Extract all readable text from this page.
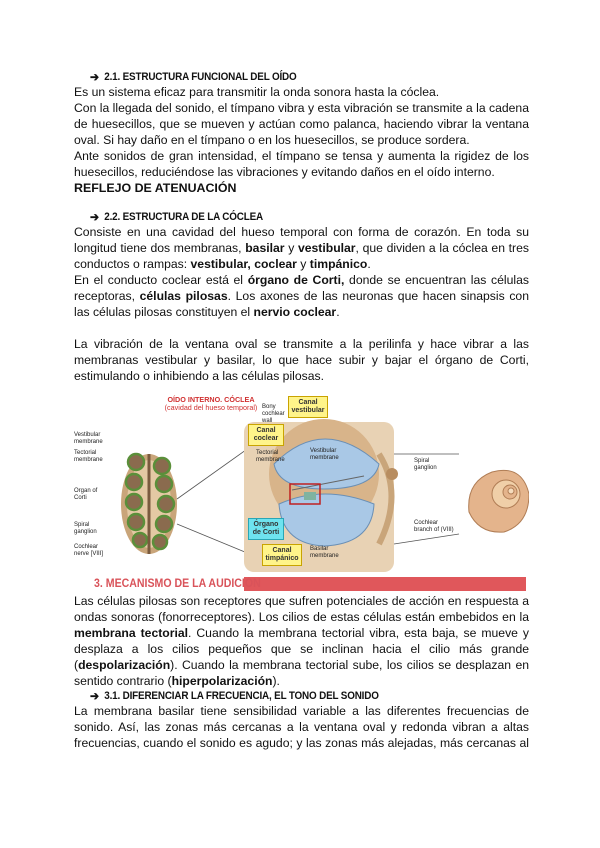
➔ 2.1. ESTRUCTURA FUNCIONAL DEL OÍDO

Es un sistema eficaz para transmitir la onda sonora hasta la cóclea.

Con la llegada del sonido, el tímpano vibra y esta vibración se transmite a la cadena de huesecillos, que se mueven y actúan como palanca, haciendo vibrar la ventana oval. Si hay daño en el tímpano o en los huesecillos, se produce sordera.

Ante sonidos de gran intensidad, el tímpano se tensa y aumenta la rigidez de los huesecillos, reduciéndose las vibraciones y evitando daños en el oído interno.

REFLEJO DE ATENUACIÓN

➔ 2.2. ESTRUCTURA DE LA CÓCLEA

Consiste en una cavidad del hueso temporal con forma de corazón. En toda su longitud tiene dos membranas, basilar y vestibular, que dividen a la cóclea en tres conductos o rampas: vestibular, coclear y timpánico.

En el conducto coclear está el órgano de Corti, donde se encuentran las células receptoras, células pilosas. Los axones de las neuronas que hacen sinapsis con las células pilosas constituyen el nervio coclear.

La vibración de la ventana oval se transmite a la perilinfa y hace vibrar a las membranas vestibular y basilar, lo que hace subir y bajar el órgano de Corti, estimulando o inhibiendo a las células pilosas.

OÍDO INTERNO. CÓCLEA
(cavidad del hueso temporal)
Canal vestibular
Canal coclear
Órgano de Corti
Canal timpánico
Bony cochlear wall
Tectorial membrane
Vestibular membrane	Spiral ganglion
Cochlear branch of (VIII)
Basilar membrane
Vestibular membrane
Tectorial membrane
Organ of Corti
Spiral ganglion
Cochlear nerve [VIII]
3. MECANISMO DE LA AUDICIÓN

Las células pilosas son receptores que sufren potenciales de acción en respuesta a ondas sonoras (fonorreceptores). Los cilios de estas células están embebidos en la membrana tectorial. Cuando la membrana tectorial vibra, esta baja, se mueve y desplaza a los cilios pequeños que se inclinan hacia el cilio más grande (despolarización). Cuando la membrana tectorial sube, los cilios se desplazan en sentido contrario (hiperpolarización).

➔ 3.1. DIFERENCIAR LA FRECUENCIA, EL TONO DEL SONIDO

La membrana basilar tiene sensibilidad variable a las diferentes frecuencias de sonido. Así, las zonas más cercanas a la ventana oval y redonda vibran a altas frecuencias, cuando el sonido es agudo; y las zonas más alejadas, más cercanas al
